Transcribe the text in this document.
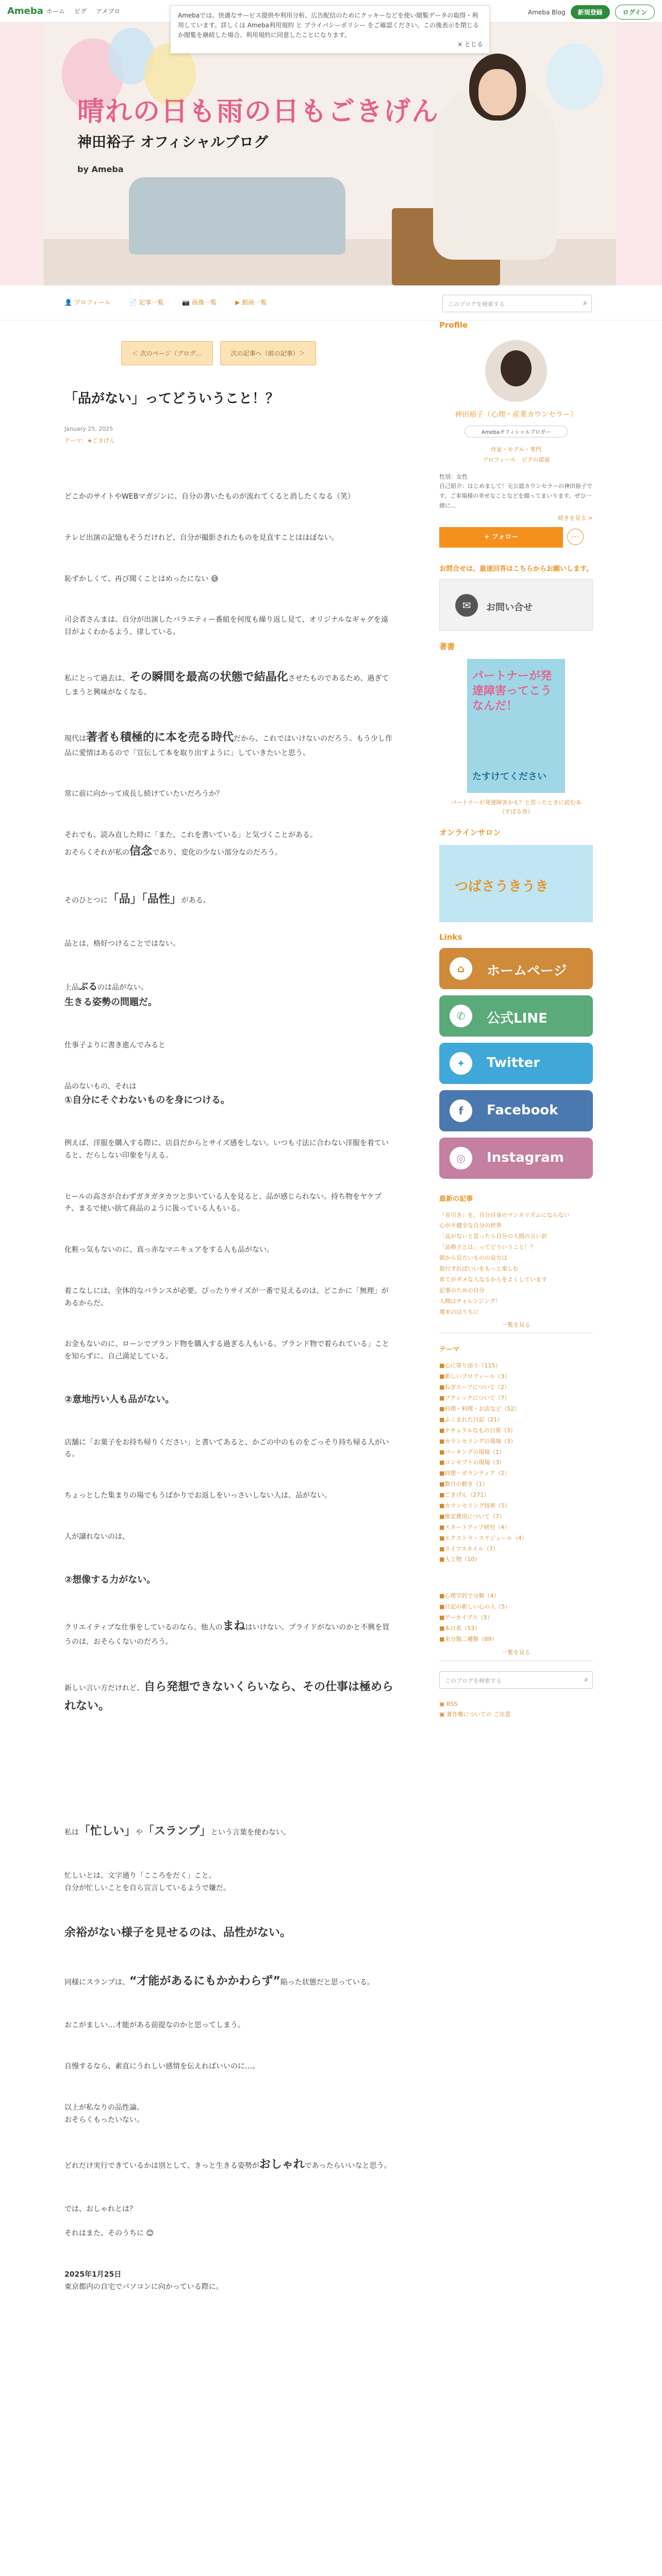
Ameba ホーム ピグ アメブロ	Ameba Blog	新規登録	ログイン
Amebaでは、快適なサービス提供や利用分析、広告配信のためにクッキーなどを使い閲覧データの取得・利用しています。詳しくは Ameba利用規約 と プライバシーポリシー をご確認ください。この後表示を閉じるか閲覧を継続した場合、利用規約に同意したことになります。
× とじる
晴れの日も雨の日もごきげん
神田裕子 オフィシャルブログ
by Ameba
👤 プロフィール	📄 記事一覧	📷 画像一覧	▶ 動画一覧	このブログを検索する	⌕
＜ 次のページ（ブログ…	次の記事へ（前の記事）＞
「品がない」ってどういうこと！？
January 25, 2025
テーマ：★ごきげん

どこかのサイトやWEBマガジンに、自分の書いたものが流れてくると消したくなる（笑）

テレビ出演の記憶もそうだけれど、自分が撮影されたものを見直すことはほぼない。

恥ずかしくて、再び聞くことはめったにない 😅

司会者さんまは、自分が出演したバラエティー番組を何度も繰り返し見て、オリジナルなギャグを遠目がよくわかるよう、律している。

私にとって過去は、その瞬間を最高の状態で結晶化させたものであるため、過ぎてしまうと興味がなくなる。

現代は著者も積極的に本を売る時代だから、これではいけないのだろう。もう少し作品に愛情はあるので「宣伝して本を取り出すように」していきたいと思う。

常に前に向かって成長し続けていたいだろうか？

それでも、読み直した時に「また、これを書いている」と気づくことがある。
おそらくそれが私の信念であり、変化の少ない部分なのだろう。

そのひとつに「品」「品性」がある。

品とは、格好つけることではない。

上品ぶるのは品がない。
生きる姿勢の問題だ。

仕事子よりに書き進んでみると

品のないもの、それは
①自分にそぐわないものを身につける。

例えば、洋服を購入する際に、店員だからとサイズ感をしない。いつも寸法に合わない洋服を着ていると、だらしない印象を与える。

ヒールの高さが合わずガタガタカツと歩いている人を見ると、品が感じられない。持ち物をヤケプチ、まるで使い捨て商品のように扱っている人もいる。

化粧っ気もないのに、真っ赤なマニキュアをする人も品がない。

着こなしには、全体的なバランスが必要。ぴったりサイズが一番で見えるのは、どこかに「無理」があるからだ。

お金もないのに、ローンでブランド物を購入する過ぎる人もいる。ブランド物で着られている」ことを知らずに、自己満足している。

②意地汚い人も品がない。

店舗に「お菓子をお持ち帰りください」と書いてあると、かごの中のものをごっそり持ち帰る人がいる。

ちょっとした集まりの場でもうばかりでお返しをいっさいしない人は、品がない。

人が譲れないのは、

②想像する力がない。

クリエイティブな仕事をしているのなら、他人のまねはいけない。プライドがないのかと不興を買うのは、おそらくないのだろう。

新しい言い方だけれど、自ら発想できないくらいなら、その仕事は極められない。

私は「忙しい」や「スランプ」という言葉を使わない。

忙しいとは、文字通り「こころをだく」こと。
自分が忙しいことを自ら宣言しているようで嫌だ。

余裕がない様子を見せるのは、品性がない。

同様にスランプは、“才能があるにもかかわらず”陥った状態だと思っている。

おこがましい…才能がある前提なのかと思ってしまう。

自慢するなら、素直にうれしい感情を伝えればいいのに…。

以上が私なりの品性論。
おそらくもったいない。

どれだけ実行できているかは別として、きっと生きる姿勢がおしゃれであったらいいなと思う。

では、おしゃれとは？

それはまた、そのうちに 😊

2025年1月25日
東京都内の自宅でパソコンに向かっている際に。

Profile
神田裕子（心理・産業カウンセラー）
Amebaオフィシャルブロガー
作家・モデル・専門
プロフィール　ピグの部屋
性別：女性
自己紹介：はじめまして！元公認カウンセラーの神田裕子です。ご来場様の幸せなことなどを綴ってまいります。ぜひ一緒に...
続きを見る >
+ フォロー	⋯
お問合せは、最速回答はこちらからお願いします。
✉	お問い合せ
著書
パートナーが発達障害ってこうなんだ！
たすけてください
パートナーが発達障害かも？と思ったときに読む本
（すばる舎）
オンラインサロン
つばさうきうき
Links
⌂	ホームページ
✆	公式LINE
✦	Twitter
f	Facebook
◎	Instagram
最新の記事
「長引き」を、自分自身のマンネリズムにならない
心が不健全な自分の世界
「品がないと思ったら自分の人間の言い訳
「品格子とは」ってどういうこと！？
朝から見たいものの見方は
旅行すればいいをもっと楽しむ
育てがダメな人なるからをよくしています
記事のための自分
人間はチャレンジング！
週末のはうちに
一覧を見る
テーマ
■心に寄り添う（115）
■新しいプロフィール（3）
■ねぎスープについて（2）
■ブティックについて（7）
■料理・料理・お店など（52）
■ふくまれた日記（21）
■ナチュラルなもの日常（3）
■カウンセリングの現場（3）
■パーキングの現場（1）
■コンセプトの現場（3）
■回想・ボランティア（2）
■数日の動き（1）
■ごきげん（271）
■カウンセリング技術（5）
■推定費用について（7）
■スタートアップ研究（4）
■エクストラ・スケジュール（4）
■ライフスタイル（7）
■人工物（10）
■心理学的で分類（4）
■日記の新しい心の人（5）
■アーカイブス（5）
■本日系（53）
■未分類二種類（89）
一覧を見る
このブログを検索する	⌕
▣ RSS
▣ 著作権についての ご注意
